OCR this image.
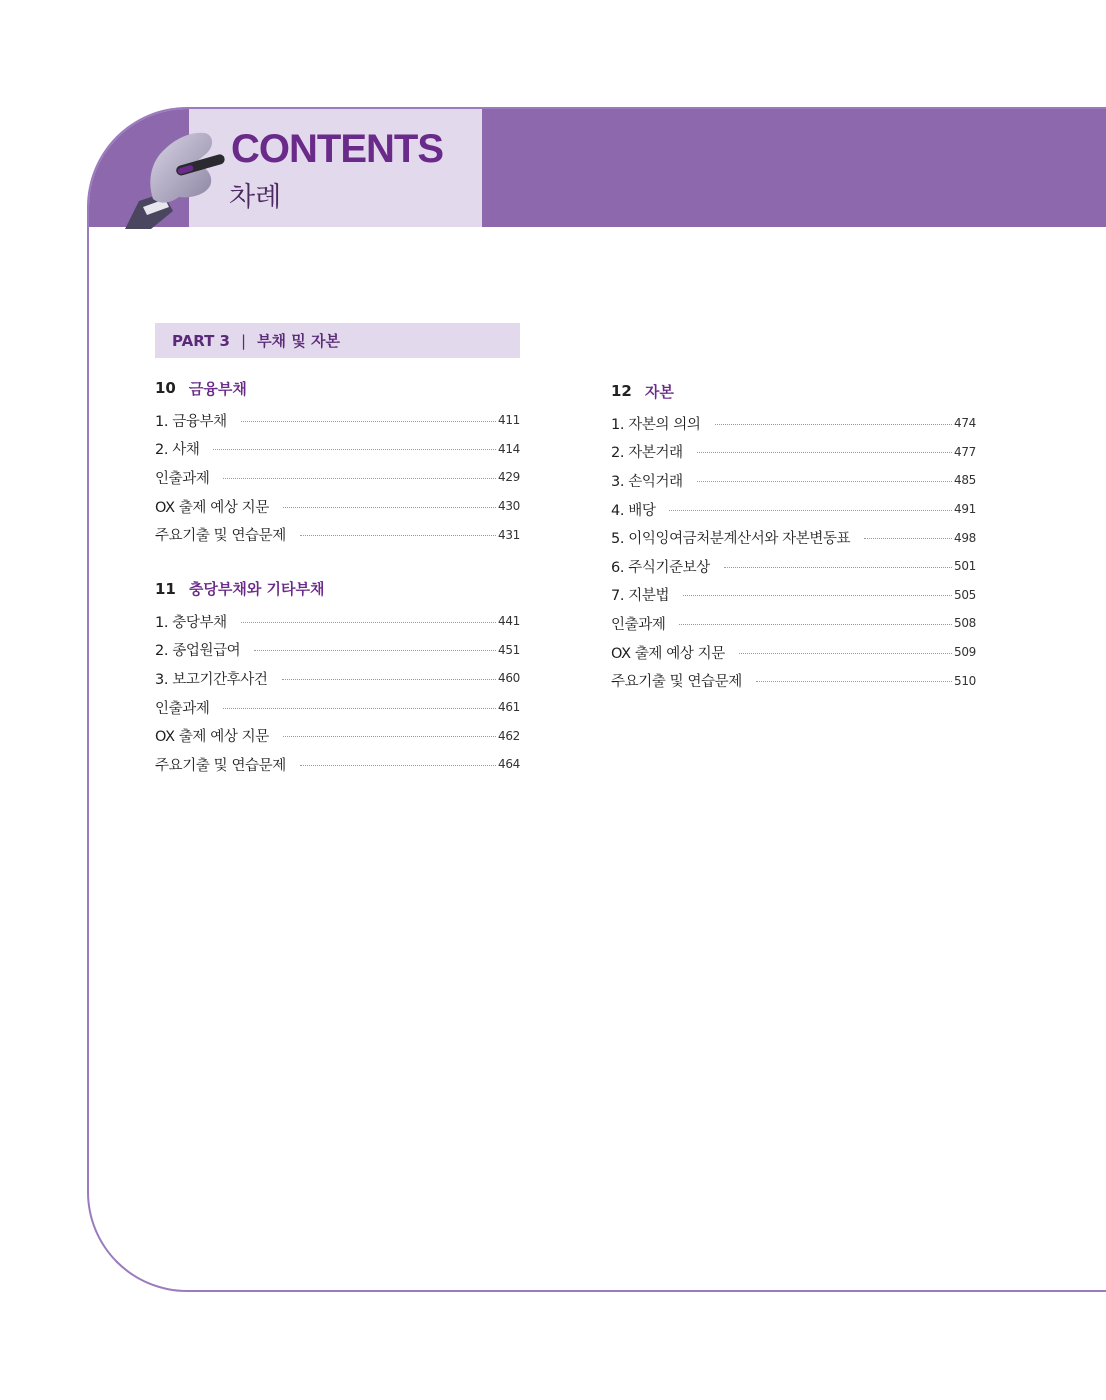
CONTENTS
차례
PART 3 | 부채 및 자본
10 금융부채
1. 금융부채	411
2. 사채	414
인출과제	429
OX 출제 예상 지문	430
주요기출 및 연습문제	431
11 충당부채와 기타부채
1. 충당부채	441
2. 종업원급여	451
3. 보고기간후사건	460
인출과제	461
OX 출제 예상 지문	462
주요기출 및 연습문제	464
12 자본
1. 자본의 의의	474
2. 자본거래	477
3. 손익거래	485
4. 배당	491
5. 이익잉여금처분계산서와 자본변동표	498
6. 주식기준보상	501
7. 지분법	505
인출과제	508
OX 출제 예상 지문	509
주요기출 및 연습문제	510
